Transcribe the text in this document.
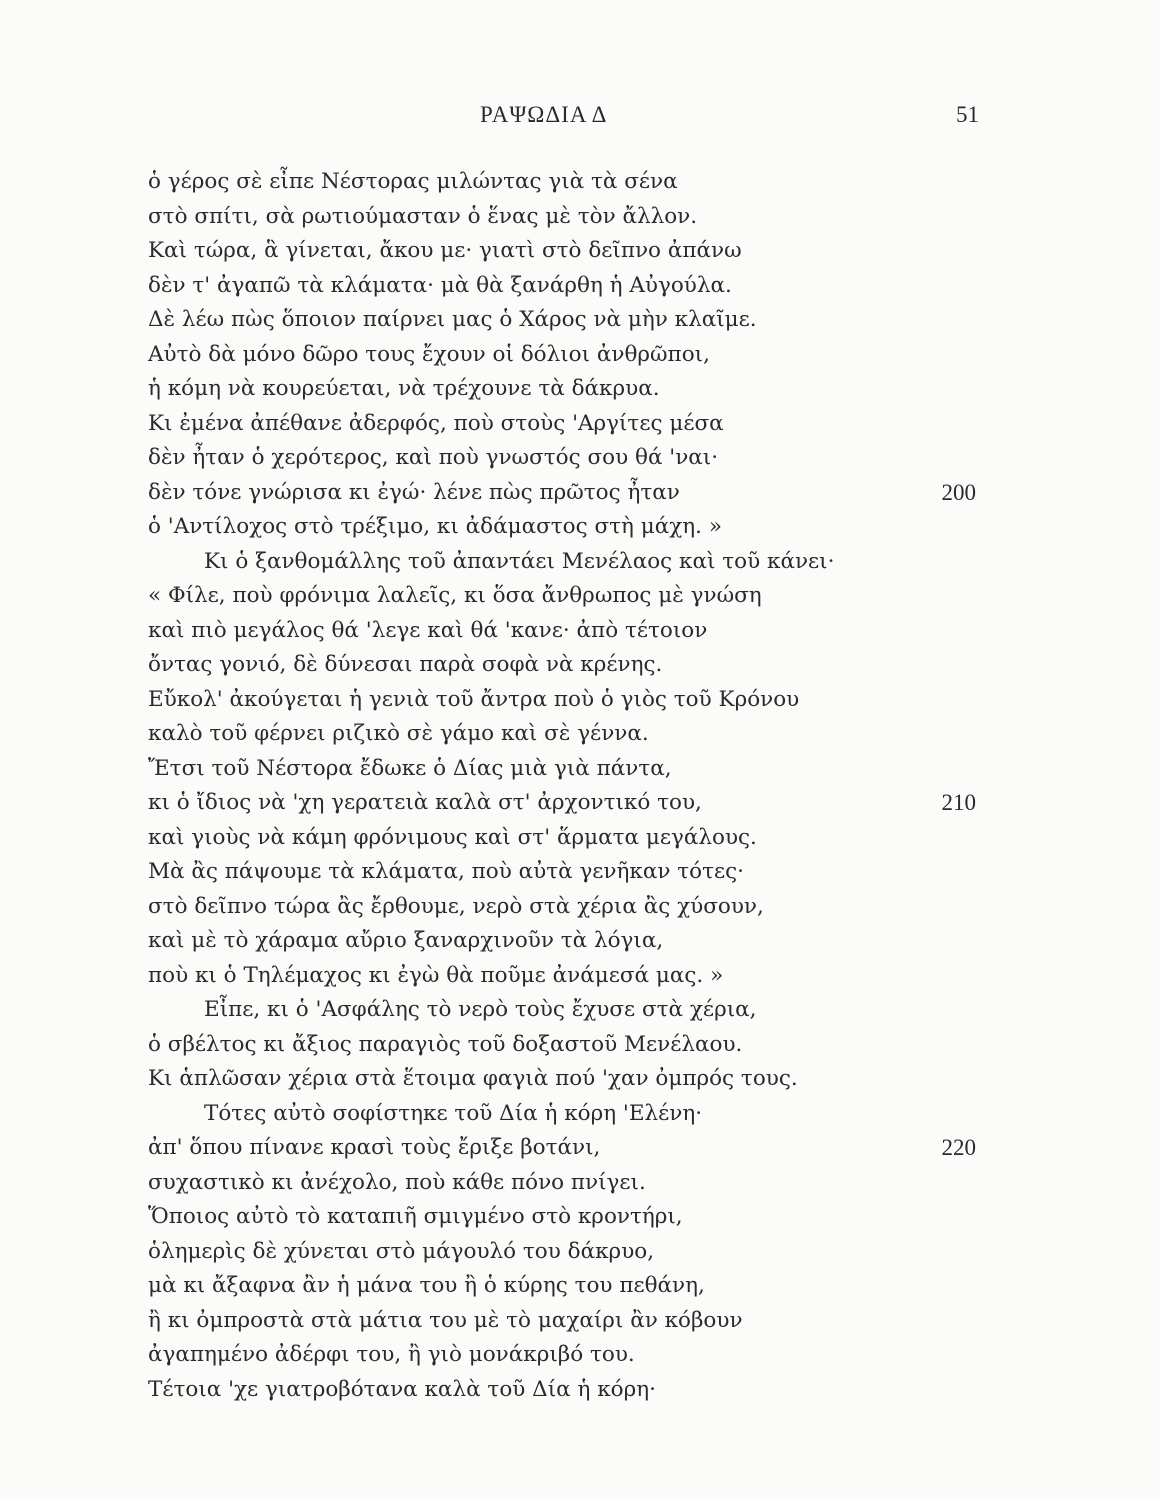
ΡΑΨΩΔΙΑ Δ	51
ὁ γέρος σὲ εἶπε Νέστορας μιλώντας γιὰ τὰ σένα
στὸ σπίτι, σὰ ρωτιούμασταν ὁ ἕνας μὲ τὸν ἄλλον.
Καὶ τώρα, ἃ γίνεται, ἄκου με· γιατὶ στὸ δεῖπνο ἀπάνω
δὲν τ' ἀγαπῶ τὰ κλάματα· μὰ θὰ ξανάρθη ἡ Αὐγούλα.
Δὲ λέω πὼς ὅποιον παίρνει μας ὁ Χάρος νὰ μὴν κλαῖμε.
Αὐτὸ δὰ μόνο δῶρο τους ἔχουν οἱ δόλιοι ἀνθρῶποι,
ἡ κόμη νὰ κουρεύεται, νὰ τρέχουνε τὰ δάκρυα.
Κι ἐμένα ἀπέθανε ἀδερφός, ποὺ στοὺς 'Αργίτες μέσα
δὲν ἦταν ὁ χερότερος, καὶ ποὺ γνωστός σου θά 'ναι·
δὲν τόνε γνώρισα κι ἐγώ· λένε πὼς πρῶτος ἦταν	200
ὁ 'Αντίλοχος στὸ τρέξιμο, κι ἀδάμαστος στὴ μάχη. »
Κι ὁ ξανθομάλλης τοῦ ἀπαντάει Μενέλαος καὶ τοῦ κάνει·
« Φίλε, ποὺ φρόνιμα λαλεῖς, κι ὅσα ἄνθρωπος μὲ γνώση
καὶ πιὸ μεγάλος θά 'λεγε καὶ θά 'κανε· ἀπὸ τέτοιον
ὄντας γονιό, δὲ δύνεσαι παρὰ σοφὰ νὰ κρένης.
Εὔκολ' ἀκούγεται ἡ γενιὰ τοῦ ἄντρα ποὺ ὁ γιὸς τοῦ Κρόνου
καλὸ τοῦ φέρνει ριζικὸ σὲ γάμο καὶ σὲ γέννα.
Ἔτσι τοῦ Νέστορα ἔδωκε ὁ Δίας μιὰ γιὰ πάντα,
κι ὁ ἴδιος νὰ 'χη γερατειὰ καλὰ στ' ἀρχοντικό του,	210
καὶ γιοὺς νὰ κάμη φρόνιμους καὶ στ' ἅρματα μεγάλους.
Μὰ ἂς πάψουμε τὰ κλάματα, ποὺ αὐτὰ γενῆκαν τότες·
στὸ δεῖπνο τώρα ἂς ἔρθουμε, νερὸ στὰ χέρια ἂς χύσουν,
καὶ μὲ τὸ χάραμα αὔριο ξαναρχινοῦν τὰ λόγια,
ποὺ κι ὁ Τηλέμαχος κι ἐγὼ θὰ ποῦμε ἀνάμεσά μας. »
Εἶπε, κι ὁ 'Ασφάλης τὸ νερὸ τοὺς ἔχυσε στὰ χέρια,
ὁ σβέλτος κι ἄξιος παραγιὸς τοῦ δοξαστοῦ Μενέλαου.
Κι ἁπλῶσαν χέρια στὰ ἕτοιμα φαγιὰ πού 'χαν ὀμπρός τους.
Τότες αὐτὸ σοφίστηκε τοῦ Δία ἡ κόρη 'Ελένη·
ἀπ' ὅπου πίνανε κρασὶ τοὺς ἔριξε βοτάνι,	220
συχαστικὸ κι ἀνέχολο, ποὺ κάθε πόνο πνίγει.
Ὅποιος αὐτὸ τὸ καταπιῆ σμιγμένο στὸ κροντήρι,
ὁλημερὶς δὲ χύνεται στὸ μάγουλό του δάκρυο,
μὰ κι ἄξαφνα ἂν ἡ μάνα του ἢ ὁ κύρης του πεθάνη,
ἢ κι ὀμπροστὰ στὰ μάτια του μὲ τὸ μαχαίρι ἂν κόβουν
ἀγαπημένο ἀδέρφι του, ἢ γιὸ μονάκριβό του.
Τέτοια 'χε γιατροβότανα καλὰ τοῦ Δία ἡ κόρη·
